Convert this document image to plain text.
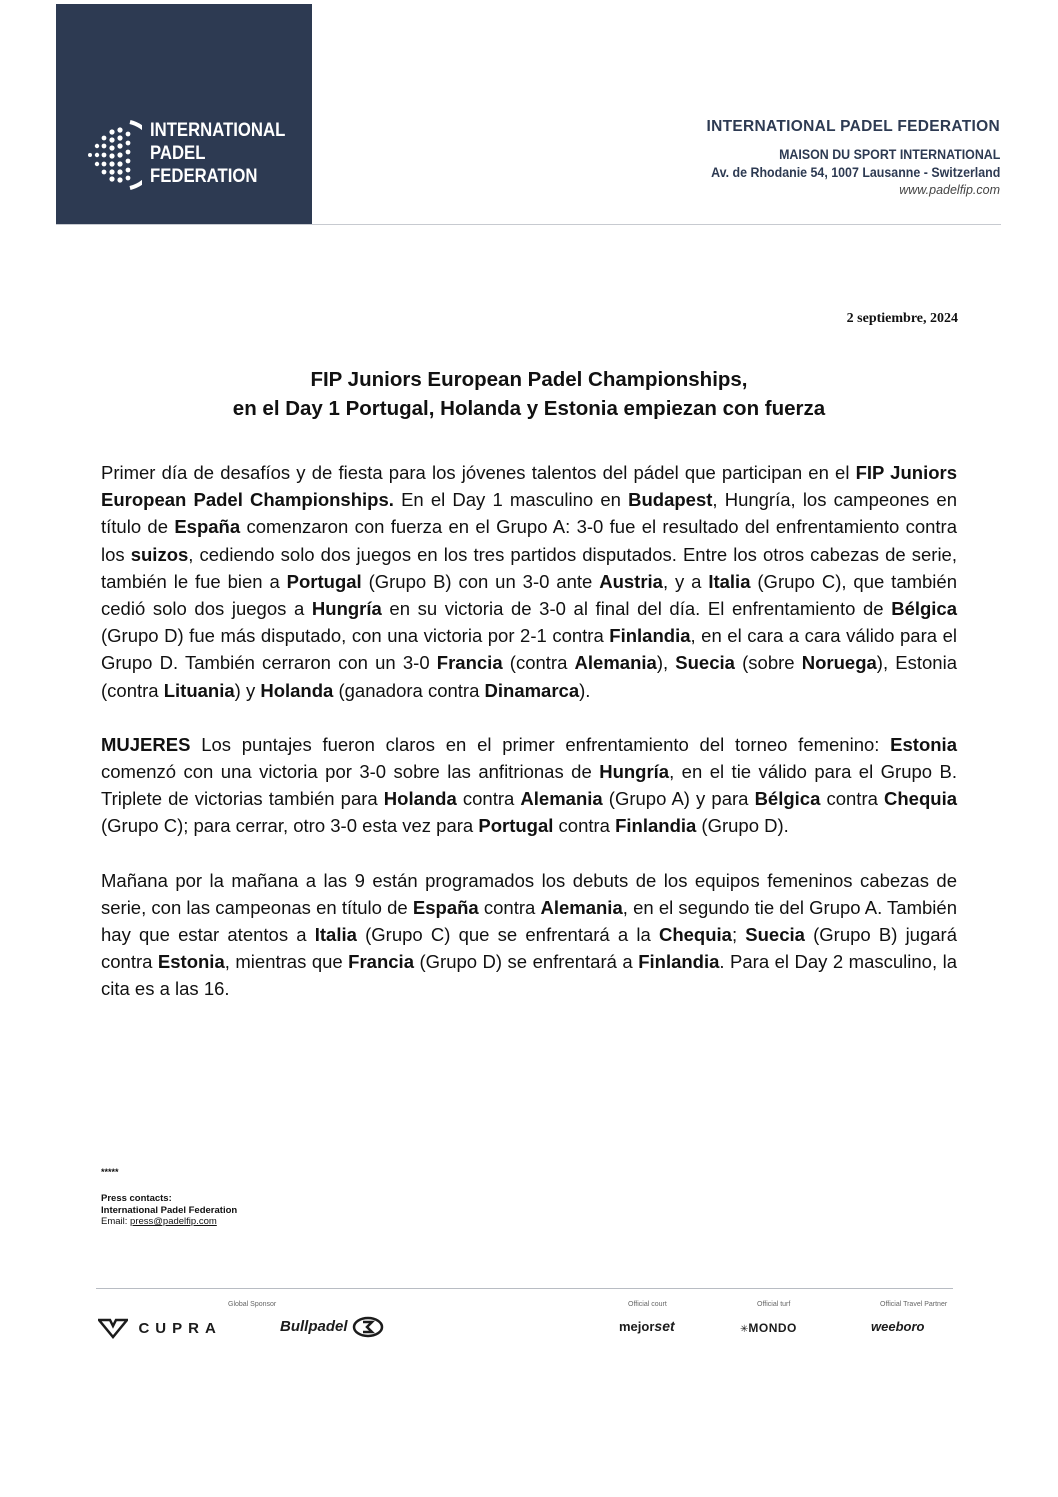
INTERNATIONAL
PADEL
FEDERATION
INTERNATIONAL PADEL FEDERATION
MAISON DU SPORT INTERNATIONAL
Av. de Rhodanie 54, 1007 Lausanne - Switzerland
www.padelfip.com
2 septiembre, 2024
FIP Juniors European Padel Championships,
en el Day 1 Portugal, Holanda y Estonia empiezan con fuerza

Primer día de desafíos y de fiesta para los jóvenes talentos del pádel que participan en el FIP Juniors European Padel Championships. En el Day 1 masculino en Budapest, Hungría, los campeones en título de España comenzaron con fuerza en el Grupo A: 3-0 fue el resultado del enfrentamiento contra los suizos, cediendo solo dos juegos en los tres partidos disputados. Entre los otros cabezas de serie, también le fue bien a Portugal (Grupo B) con un 3-0 ante Austria, y a Italia (Grupo C), que también cedió solo dos juegos a Hungría en su victoria de 3-0 al final del día. El enfrentamiento de Bélgica (Grupo D) fue más disputado, con una victoria por 2-1 contra Finlandia, en el cara a cara válido para el Grupo D. También cerraron con un 3-0 Francia (contra Alemania), Suecia (sobre Noruega), Estonia (contra Lituania) y Holanda (ganadora contra Dinamarca).

MUJERES Los puntajes fueron claros en el primer enfrentamiento del torneo femenino: Estonia comenzó con una victoria por 3-0 sobre las anfitrionas de Hungría, en el tie válido para el Grupo B. Triplete de victorias también para Holanda contra Alemania (Grupo A) y para Bélgica contra Chequia (Grupo C); para cerrar, otro 3-0 esta vez para Portugal contra Finlandia (Grupo D).

Mañana por la mañana a las 9 están programados los debuts de los equipos femeninos cabezas de serie, con las campeonas en título de España contra Alemania, en el segundo tie del Grupo A. También hay que estar atentos a Italia (Grupo C) que se enfrentará a la Chequia; Suecia (Grupo B) jugará contra Estonia, mientras que Francia (Grupo D) se enfrentará a Finlandia. Para el Day 2 masculino, la cita es a las 16.

*****
Press contacts:
International Padel Federation
Email: press@padelfip.com
Global Sponsor	Official court	Official turf	Official Travel Partner
CUPRA	Bullpadel	mejorset	✳MONDO	weeboro
